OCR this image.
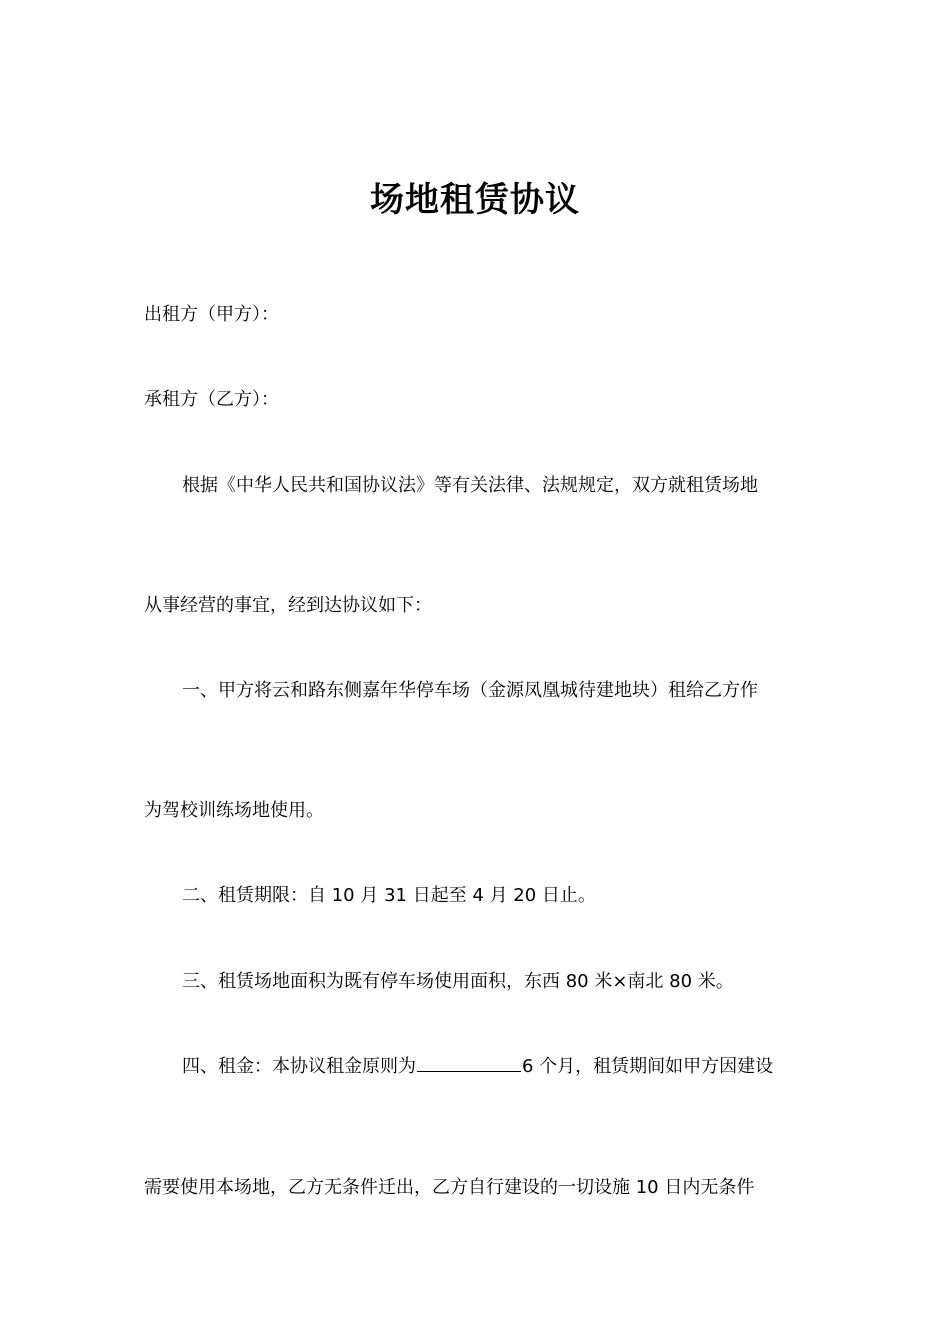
场地租赁协议

出租方（甲方）：

承租方（乙方）：

根据《中华人民共和国协议法》等有关法律、法规规定，双方就租赁场地

从事经营的事宜，经到达协议如下：

一、甲方将云和路东侧嘉年华停车场（金源凤凰城待建地块）租给乙方作

为驾校训练场地使用。

二、租赁期限：自 10 月 31 日起至 4 月 20 日止。

三、租赁场地面积为既有停车场使用面积，东西 80 米×南北 80 米。

四、租金：本协议租金原则为	6 个月，租赁期间如甲方因建设

需要使用本场地，乙方无条件迁出，乙方自行建设的一切设施 10 日内无条件
